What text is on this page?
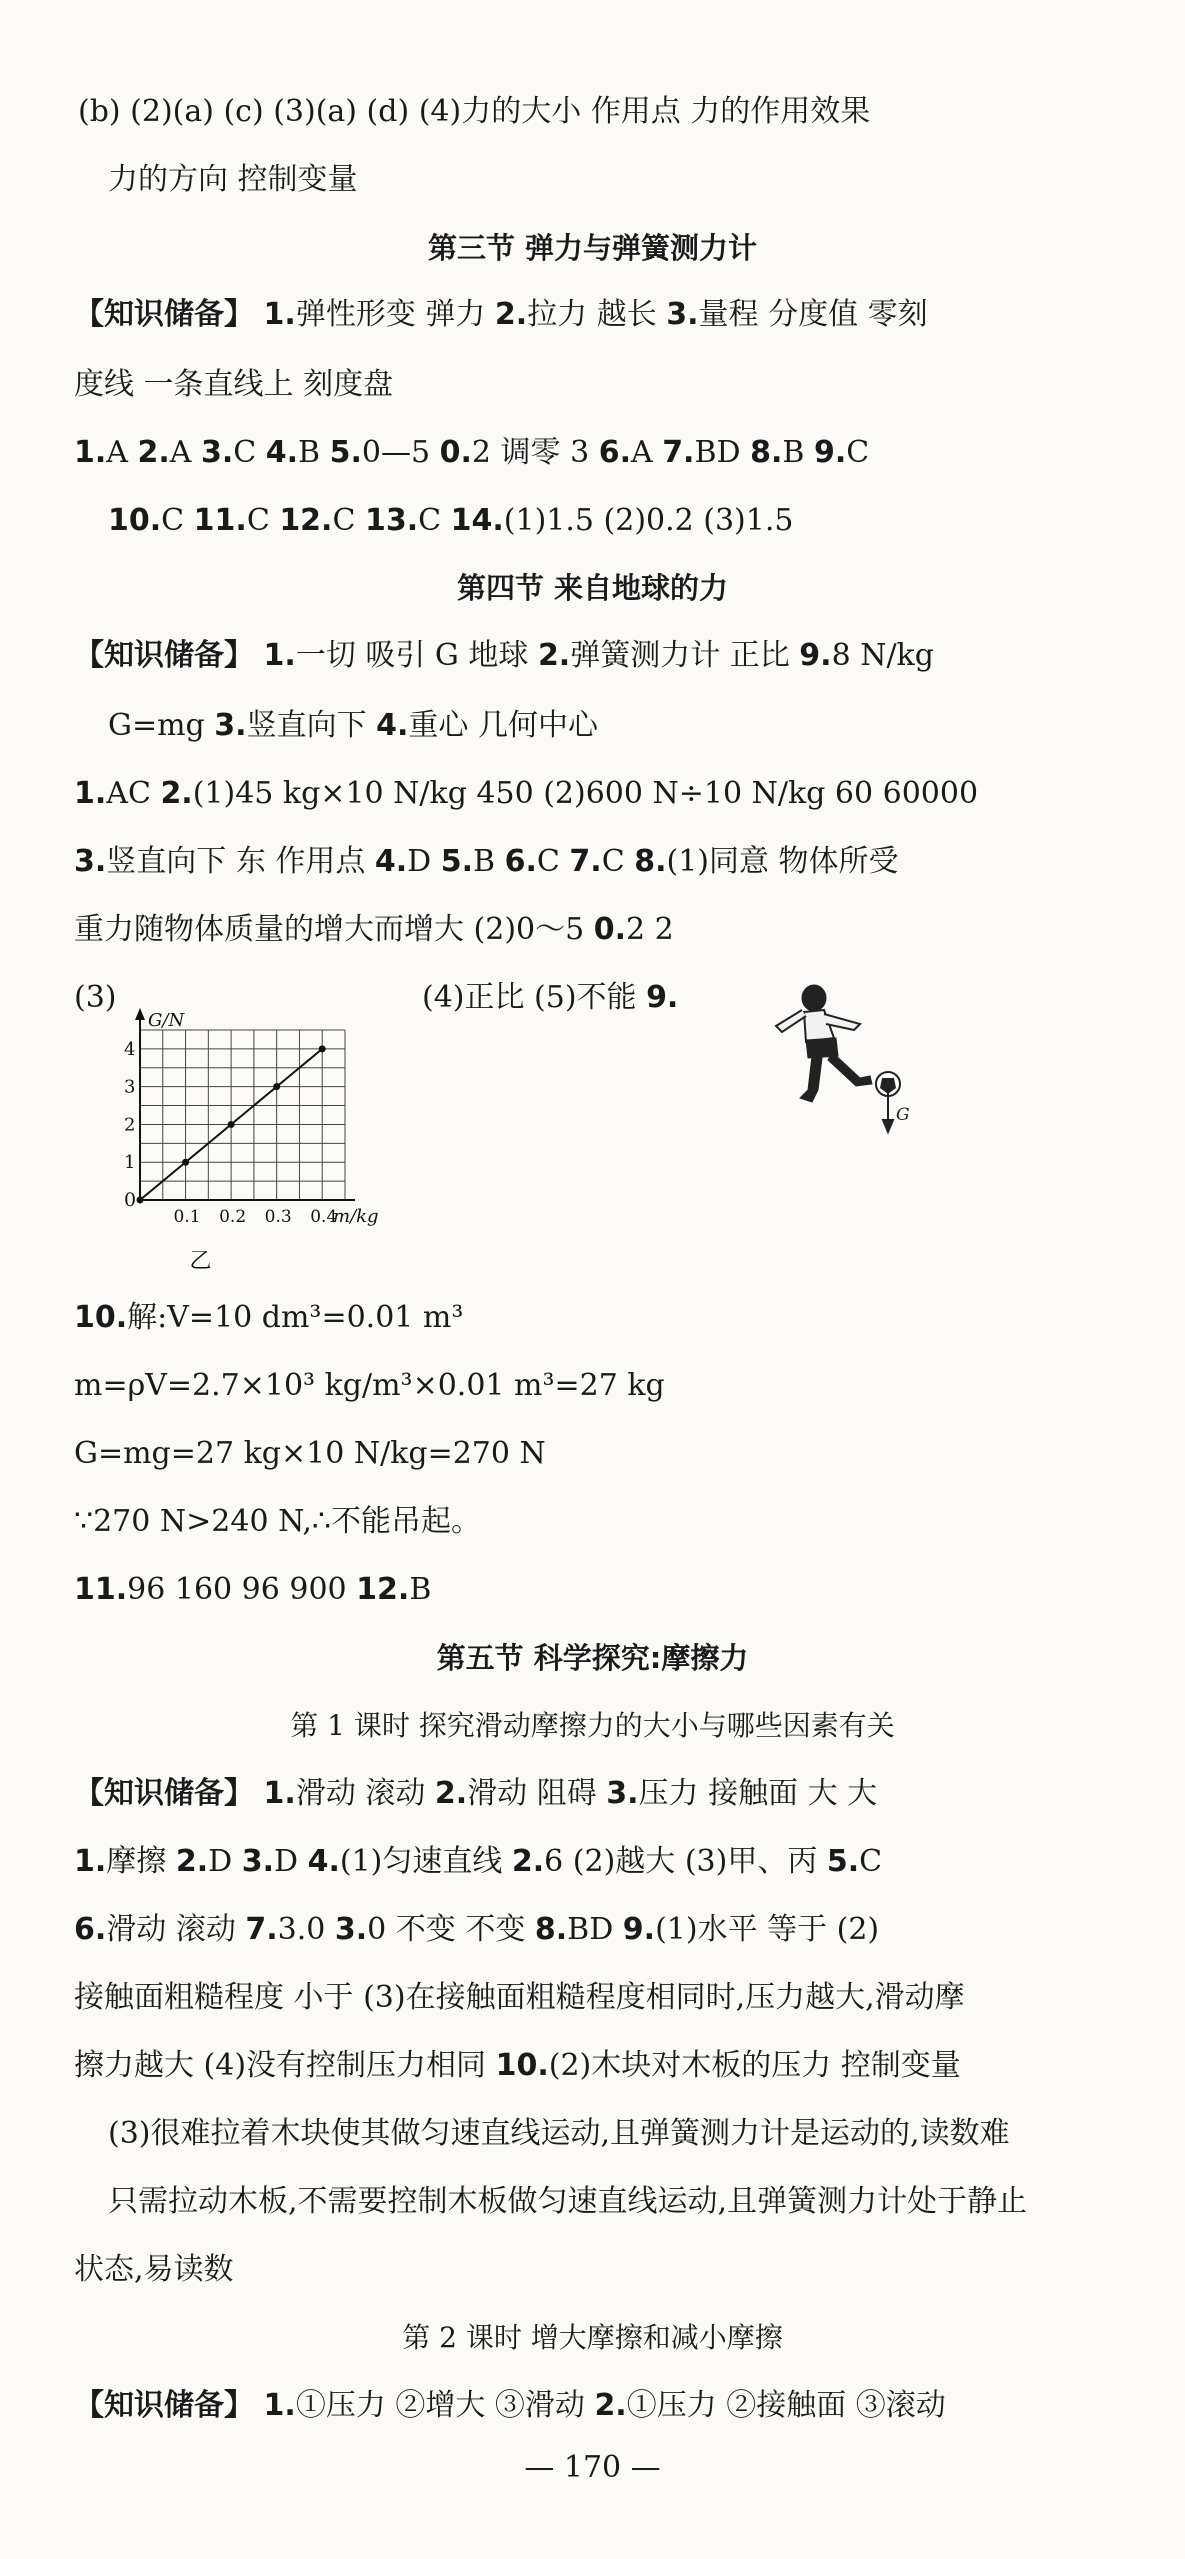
(b) (2)(a) (c) (3)(a) (d) (4)力的大小 作用点 力的作用效果
力的方向 控制变量
第三节 弹力与弹簧测力计
【知识储备】 1.弹性形变 弹力 2.拉力 越长 3.量程 分度值 零刻
度线 一条直线上 刻度盘
1.A 2.A 3.C 4.B 5.0—5 0.2 调零 3 6.A 7.BD 8.B 9.C
10.C 11.C 12.C 13.C 14.(1)1.5 (2)0.2 (3)1.5
第四节 来自地球的力
【知识储备】 1.一切 吸引 G 地球 2.弹簧测力计 正比 9.8 N/kg
G=mg 3.竖直向下 4.重心 几何中心
1.AC 2.(1)45 kg×10 N/kg 450 (2)600 N÷10 N/kg 60 60000
3.竖直向下 东 作用点 4.D 5.B 6.C 7.C 8.(1)同意 物体所受
重力随物体质量的增大而增大 (2)0～5 0.2 2
(3)	(4)正比 (5)不能 9.
1
2
3
4
0.1 0.2 0.3 0.4
G/N
m/kg
0
乙
G
10.解:V=10 dm³=0.01 m³
m=ρV=2.7×10³ kg/m³×0.01 m³=27 kg
G=mg=27 kg×10 N/kg=270 N
∵270 N>240 N,∴不能吊起。
11.96 160 96 900 12.B
第五节 科学探究:摩擦力
第 1 课时 探究滑动摩擦力的大小与哪些因素有关
【知识储备】 1.滑动 滚动 2.滑动 阻碍 3.压力 接触面 大 大
1.摩擦 2.D 3.D 4.(1)匀速直线 2.6 (2)越大 (3)甲、丙 5.C
6.滑动 滚动 7.3.0 3.0 不变 不变 8.BD 9.(1)水平 等于 (2)
接触面粗糙程度 小于 (3)在接触面粗糙程度相同时,压力越大,滑动摩
擦力越大 (4)没有控制压力相同 10.(2)木块对木板的压力 控制变量
(3)很难拉着木块使其做匀速直线运动,且弹簧测力计是运动的,读数难
只需拉动木板,不需要控制木板做匀速直线运动,且弹簧测力计处于静止
状态,易读数
第 2 课时 增大摩擦和减小摩擦
【知识储备】 1.①压力 ②增大 ③滑动 2.①压力 ②接触面 ③滚动
— 170 —
